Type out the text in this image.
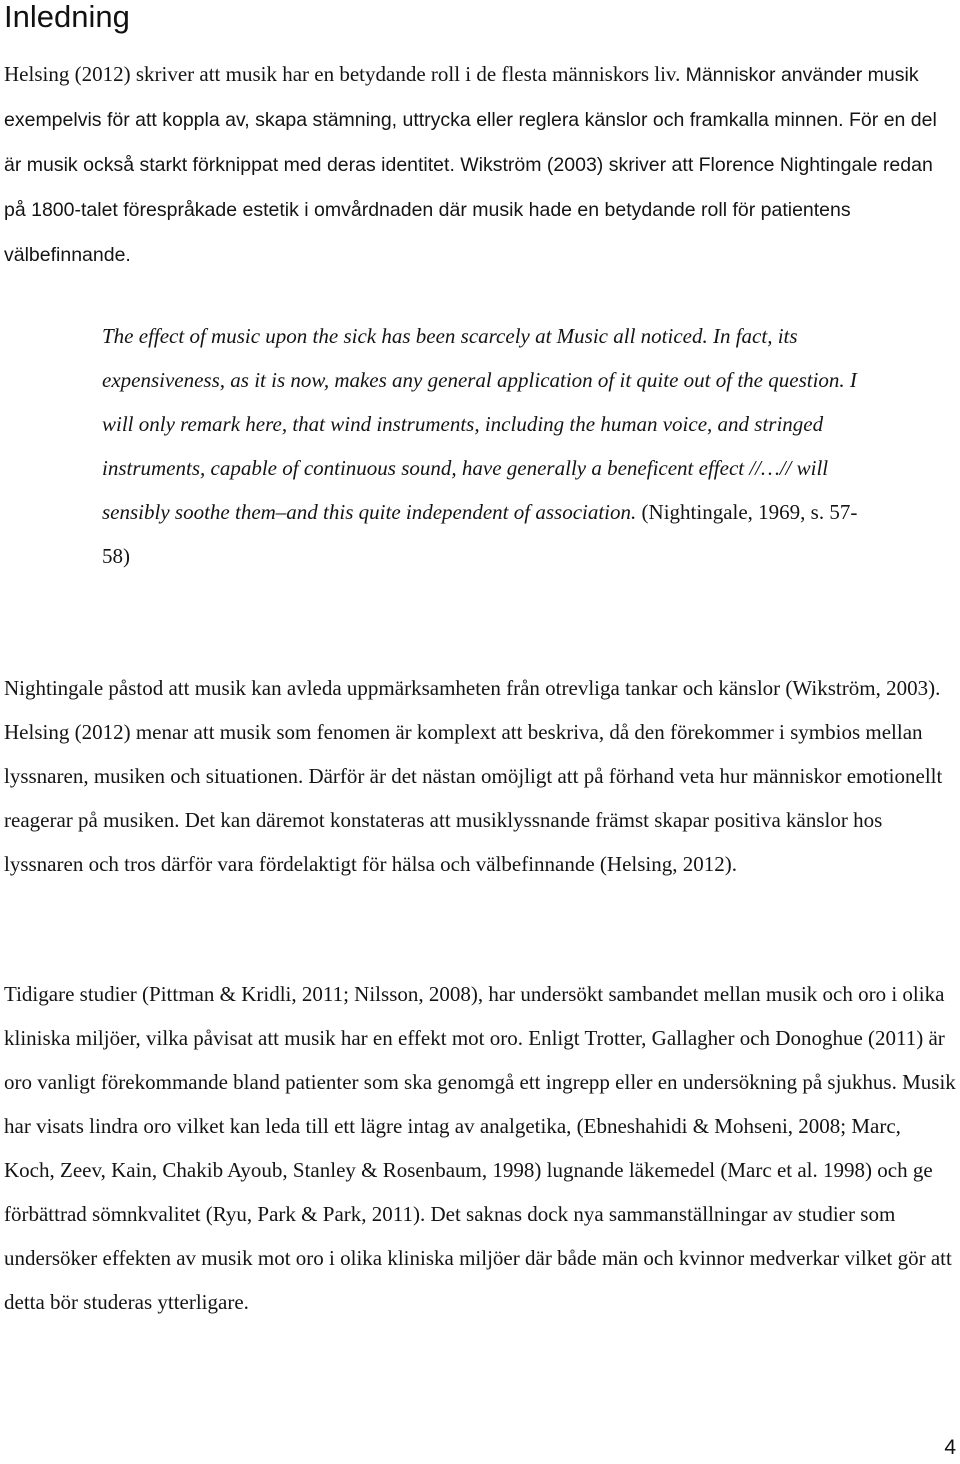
Inledning

Helsing (2012) skriver att musik har en betydande roll i de flesta människors liv. Människor använder musik exempelvis för att koppla av, skapa stämning, uttrycka eller reglera känslor och framkalla minnen. För en del är musik också starkt förknippat med deras identitet. Wikström (2003) skriver att Florence Nightingale redan på 1800-talet förespråkade estetik i omvårdnaden där musik hade en betydande roll för patientens välbefinnande.

The effect of music upon the sick has been scarcely at Music all noticed. In fact, its expensiveness, as it is now, makes any general application of it quite out of the question. I will only remark here, that wind instruments, including the human voice, and stringed instruments, capable of continuous sound, have generally a beneficent effect //…// will sensibly soothe them–and this quite independent of association. (Nightingale, 1969, s. 57-58)

Nightingale påstod att musik kan avleda uppmärksamheten från otrevliga tankar och känslor (Wikström, 2003). Helsing (2012) menar att musik som fenomen är komplext att beskriva, då den förekommer i symbios mellan lyssnaren, musiken och situationen. Därför är det nästan omöjligt att på förhand veta hur människor emotionellt reagerar på musiken. Det kan däremot konstateras att musiklyssnande främst skapar positiva känslor hos lyssnaren och tros därför vara fördelaktigt för hälsa och välbefinnande (Helsing, 2012).

Tidigare studier (Pittman & Kridli, 2011; Nilsson, 2008), har undersökt sambandet mellan musik och oro i olika kliniska miljöer, vilka påvisat att musik har en effekt mot oro. Enligt Trotter, Gallagher och Donoghue (2011) är oro vanligt förekommande bland patienter som ska genomgå ett ingrepp eller en undersökning på sjukhus. Musik har visats lindra oro vilket kan leda till ett lägre intag av analgetika, (Ebneshahidi & Mohseni, 2008; Marc, Koch, Zeev, Kain, Chakib Ayoub, Stanley & Rosenbaum, 1998) lugnande läkemedel (Marc et al. 1998) och ge förbättrad sömnkvalitet (Ryu, Park & Park, 2011). Det saknas dock nya sammanställningar av studier som undersöker effekten av musik mot oro i olika kliniska miljöer där både män och kvinnor medverkar vilket gör att detta bör studeras ytterligare.

4
